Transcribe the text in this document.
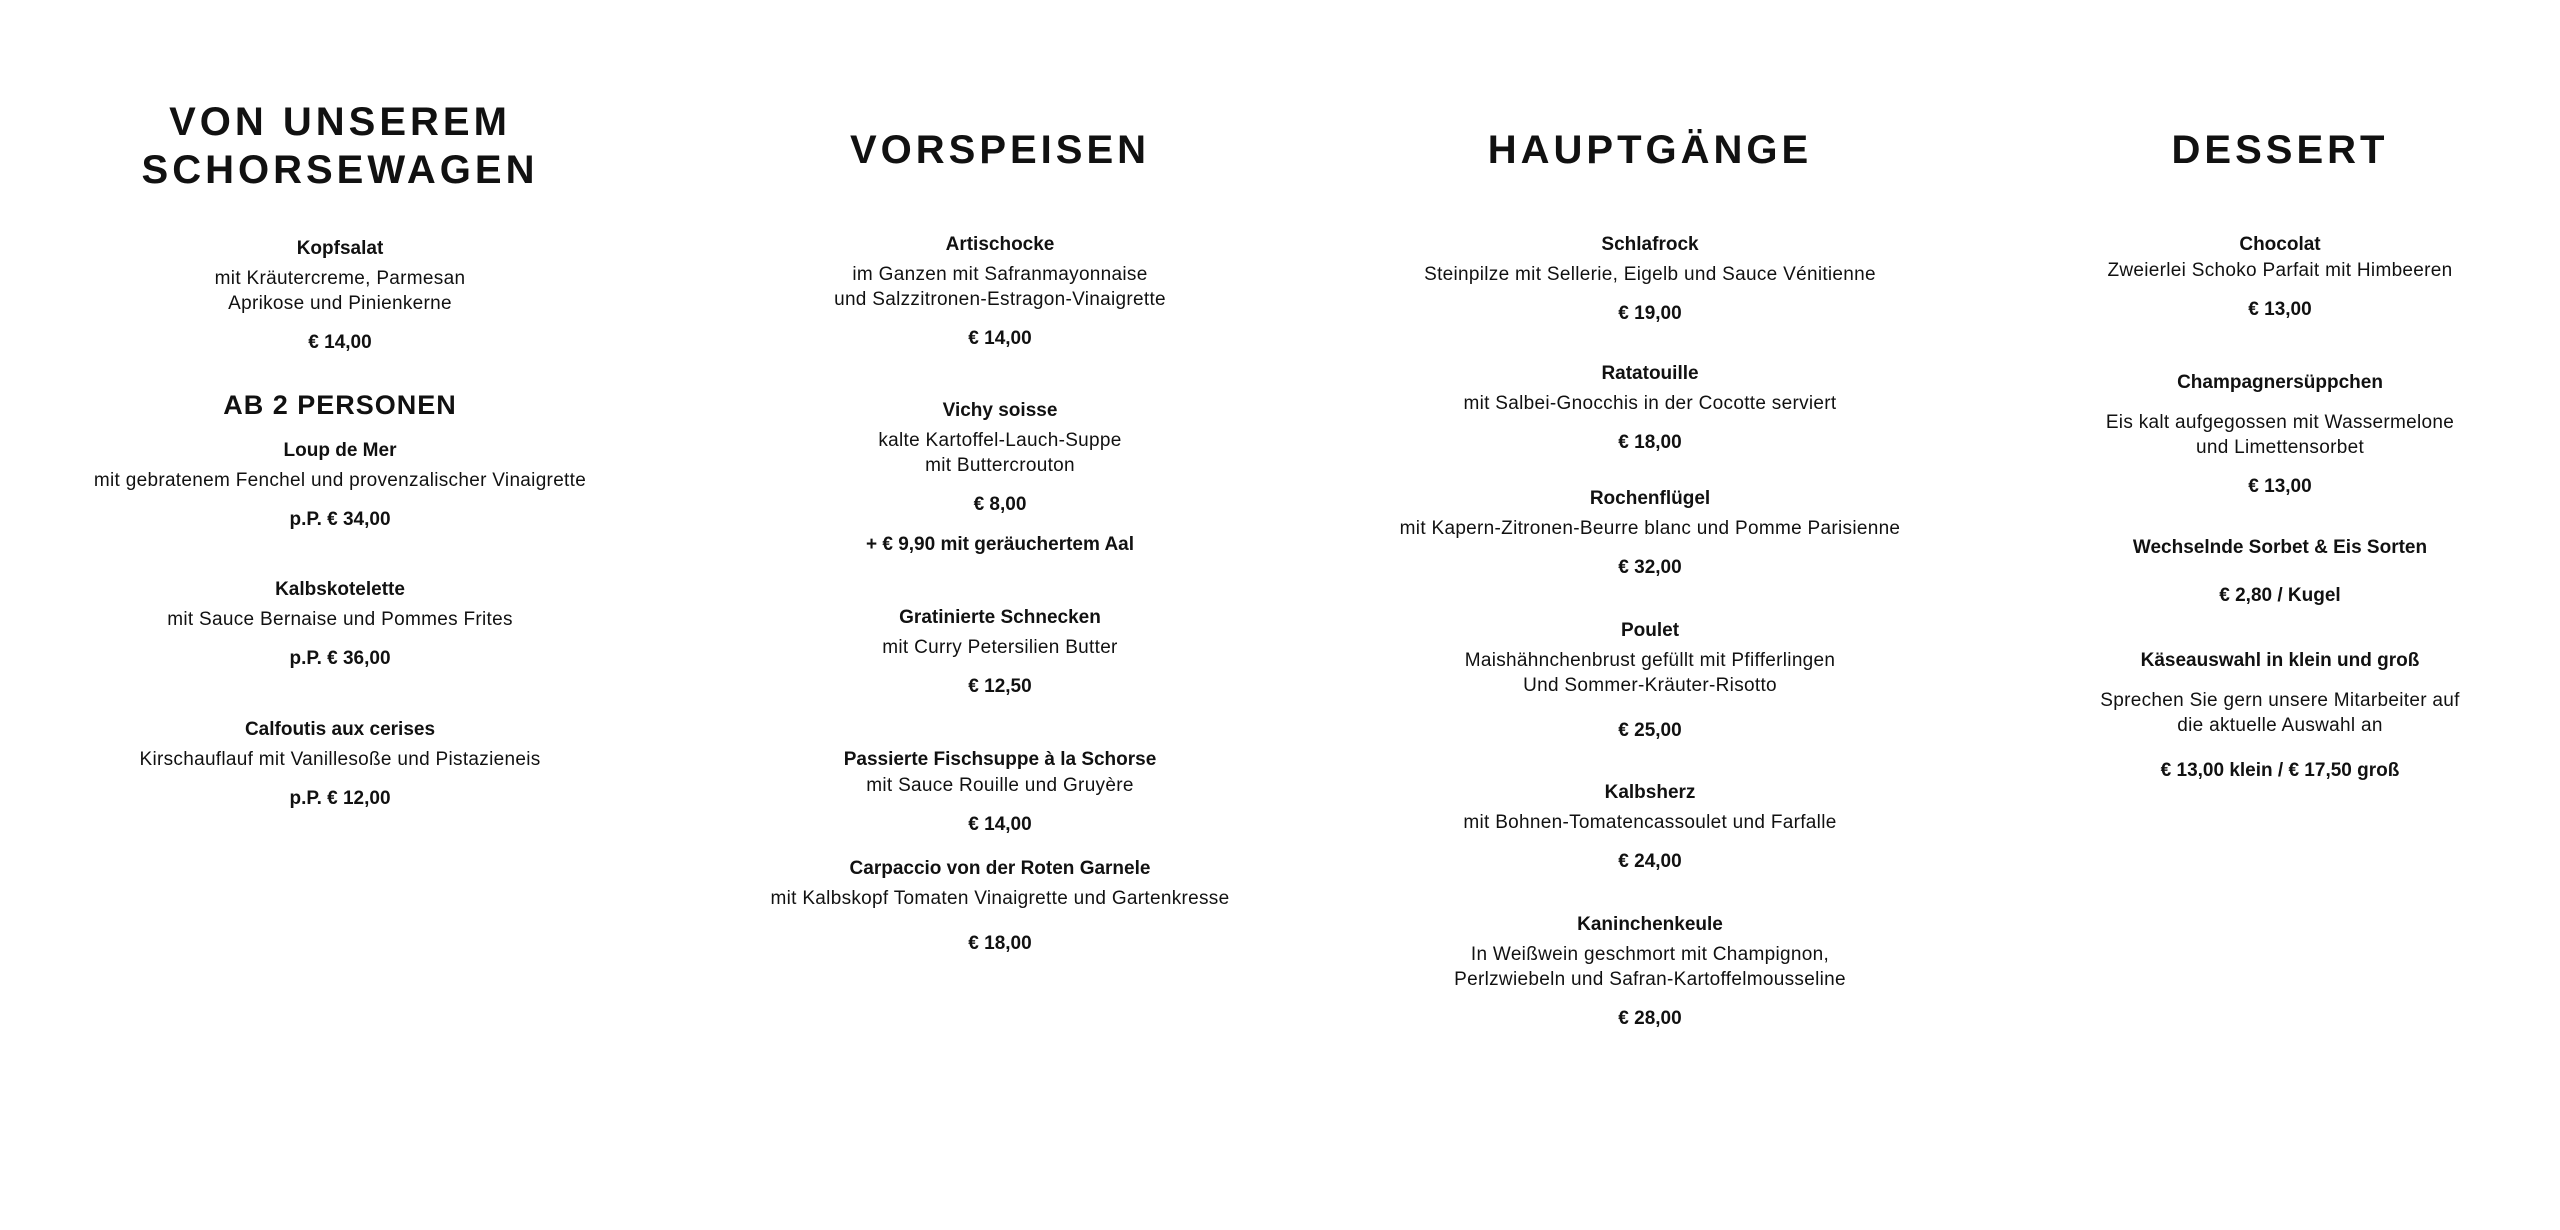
VON UNSEREM
SCHORSEWAGEN
Kopfsalat
mit Kräutercreme, Parmesan
Aprikose und Pinienkerne
€ 14,00
AB 2 PERSONEN
Loup de Mer
mit gebratenem Fenchel und provenzalischer Vinaigrette
p.P. € 34,00
Kalbskotelette
mit Sauce Bernaise und Pommes Frites
p.P. € 36,00
Calfoutis aux cerises
Kirschauflauf mit Vanillesoße und Pistazieneis
p.P. € 12,00
VORSPEISEN
Artischocke
im Ganzen mit Safranmayonnaise
und Salzzitronen-Estragon-Vinaigrette
€ 14,00
Vichy soisse
kalte Kartoffel-Lauch-Suppe
mit Buttercrouton
€ 8,00
+ € 9,90 mit geräuchertem Aal
Gratinierte Schnecken
mit Curry Petersilien Butter
€ 12,50
Passierte Fischsuppe à la Schorse
mit Sauce Rouille und Gruyère
€ 14,00
Carpaccio von der Roten Garnele
mit Kalbskopf Tomaten Vinaigrette und Gartenkresse
€ 18,00
HAUPTGÄNGE
Schlafrock
Steinpilze mit Sellerie, Eigelb und Sauce Vénitienne
€ 19,00
Ratatouille
mit Salbei-Gnocchis in der Cocotte serviert
€ 18,00
Rochenflügel
mit Kapern-Zitronen-Beurre blanc und Pomme Parisienne
€ 32,00
Poulet
Maishähnchenbrust gefüllt mit Pfifferlingen
Und Sommer-Kräuter-Risotto
€ 25,00
Kalbsherz
mit Bohnen-Tomatencassoulet und Farfalle
€ 24,00
Kaninchenkeule
In Weißwein geschmort mit Champignon,
Perlzwiebeln und Safran-Kartoffelmousseline
€ 28,00
DESSERT
Chocolat
Zweierlei Schoko Parfait mit Himbeeren
€ 13,00
Champagnersüppchen
Eis kalt aufgegossen mit Wassermelone
und Limettensorbet
€ 13,00
Wechselnde Sorbet & Eis Sorten
€ 2,80 / Kugel
Käseauswahl in klein und groß
Sprechen Sie gern unsere Mitarbeiter auf
die aktuelle Auswahl an
€ 13,00 klein / € 17,50 groß
